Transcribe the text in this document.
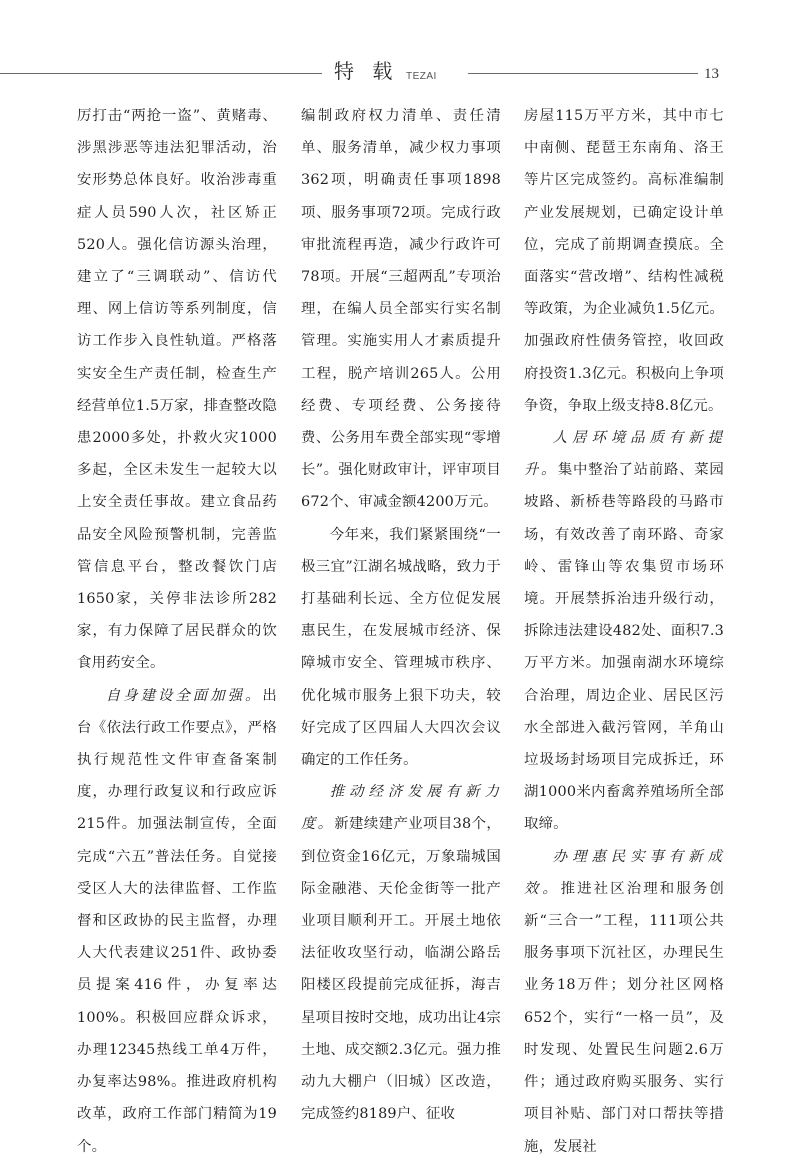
特 载 TEZAI	13

厉打击“两抢一盗”、黄赌毒、涉黑涉恶等违法犯罪活动，治安形势总体良好。收治涉毒重症人员590人次，社区矫正520人。强化信访源头治理，建立了“三调联动”、信访代理、网上信访等系列制度，信访工作步入良性轨道。严格落实安全生产责任制，检查生产经营单位1.5万家，排查整改隐患2000多处，扑救火灾1000多起，全区未发生一起较大以上安全责任事故。建立食品药品安全风险预警机制，完善监管信息平台，整改餐饮门店1650家，关停非法诊所282家，有力保障了居民群众的饮食用药安全。

自身建设全面加强。出台《依法行政工作要点》，严格执行规范性文件审查备案制度，办理行政复议和行政应诉215件。加强法制宣传，全面完成“六五”普法任务。自觉接受区人大的法律监督、工作监督和区政协的民主监督，办理人大代表建议251件、政协委员提案416件，办复率达100%。积极回应群众诉求，办理12345热线工单4万件，办复率达98%。推进政府机构改革，政府工作部门精简为19个。

编制政府权力清单、责任清单、服务清单，减少权力事项362项，明确责任事项1898项、服务事项72项。完成行政审批流程再造，减少行政许可78项。开展“三超两乱”专项治理，在编人员全部实行实名制管理。实施实用人才素质提升工程，脱产培训265人。公用经费、专项经费、公务接待费、公务用车费全部实现“零增长”。强化财政审计，评审项目672个、审减金额4200万元。

今年来，我们紧紧围绕“一极三宜”江湖名城战略，致力于打基础利长远、全方位促发展惠民生，在发展城市经济、保障城市安全、管理城市秩序、优化城市服务上狠下功夫，较好完成了区四届人大四次会议确定的工作任务。

推动经济发展有新力度。新建续建产业项目38个，到位资金16亿元，万象瑞城国际金融港、天伦金街等一批产业项目顺利开工。开展土地依法征收攻坚行动，临湖公路岳阳楼区段提前完成征拆，海吉星项目按时交地，成功出让4宗土地、成交额2.3亿元。强力推动九大棚户（旧城）区改造，完成签约8189户、征收

房屋115万平方米，其中市七中南侧、琵琶王东南角、洛王等片区完成签约。高标准编制产业发展规划，已确定设计单位，完成了前期调查摸底。全面落实“营改增”、结构性减税等政策，为企业减负1.5亿元。加强政府性债务管控，收回政府投资1.3亿元。积极向上争项争资，争取上级支持8.8亿元。

人居环境品质有新提升。集中整治了站前路、菜园坡路、新桥巷等路段的马路市场，有效改善了南环路、奇家岭、雷锋山等农集贸市场环境。开展禁拆治违升级行动，拆除违法建设482处、面积7.3万平方米。加强南湖水环境综合治理，周边企业、居民区污水全部进入截污管网，羊角山垃圾场封场项目完成拆迁，环湖1000米内畜禽养殖场所全部取缔。

办理惠民实事有新成效。推进社区治理和服务创新“三合一”工程，111项公共服务事项下沉社区，办理民生业务18万件；划分社区网格652个，实行“一格一员”，及时发现、处置民生问题2.6万件；通过政府购买服务、实行项目补贴、部门对口帮扶等措施，发展社
